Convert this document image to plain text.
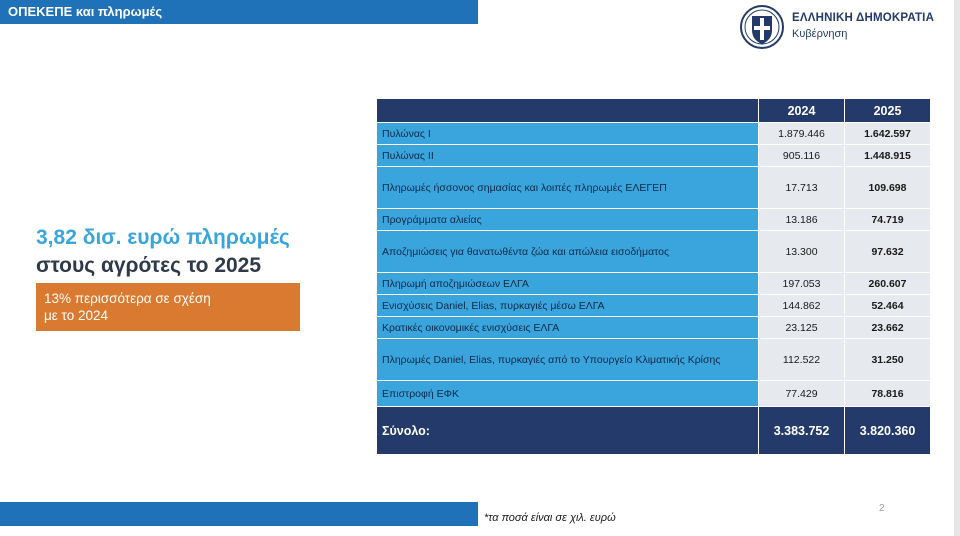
ΟΠΕΚΕΠΕ και πληρωμές	ΕΛΛΗΝΙΚΗ ΔΗΜΟΚΡΑΤΙΑ
Κυβέρνηση
3,82 δισ. ευρώ πληρωμές
στους αγρότες το 2025
13% περισσότερα σε σχέση
με το 2024
	2024	2025
Πυλώνας Ι	1.879.446	1.642.597
Πυλώνας ΙΙ	905.116	1.448.915
Πληρωμές ήσσονος σημασίας και λοιπές πληρωμές ΕΛΕΓΕΠ	17.713	109.698
Προγράμματα αλιείας	13.186	74.719
Αποζημιώσεις για θανατωθέντα ζώα και απώλεια εισοδήματος	13.300	97.632
Πληρωμή αποζημιώσεων ΕΛΓΑ	197.053	260.607
Ενισχύσεις Daniel, Elias, πυρκαγιές μέσω ΕΛΓΑ	144.862	52.464
Κρατικές οικονομικές ενισχύσεις ΕΛΓΑ	23.125	23.662
Πληρωμές Daniel, Elias, πυρκαγιές από το Υπουργείο Κλιματικής Κρίσης	112.522	31.250
Επιστροφή ΕΦΚ	77.429	78.816
Σύνολο:	3.383.752	3.820.360
*τα ποσά είναι σε χιλ. ευρώ
2
